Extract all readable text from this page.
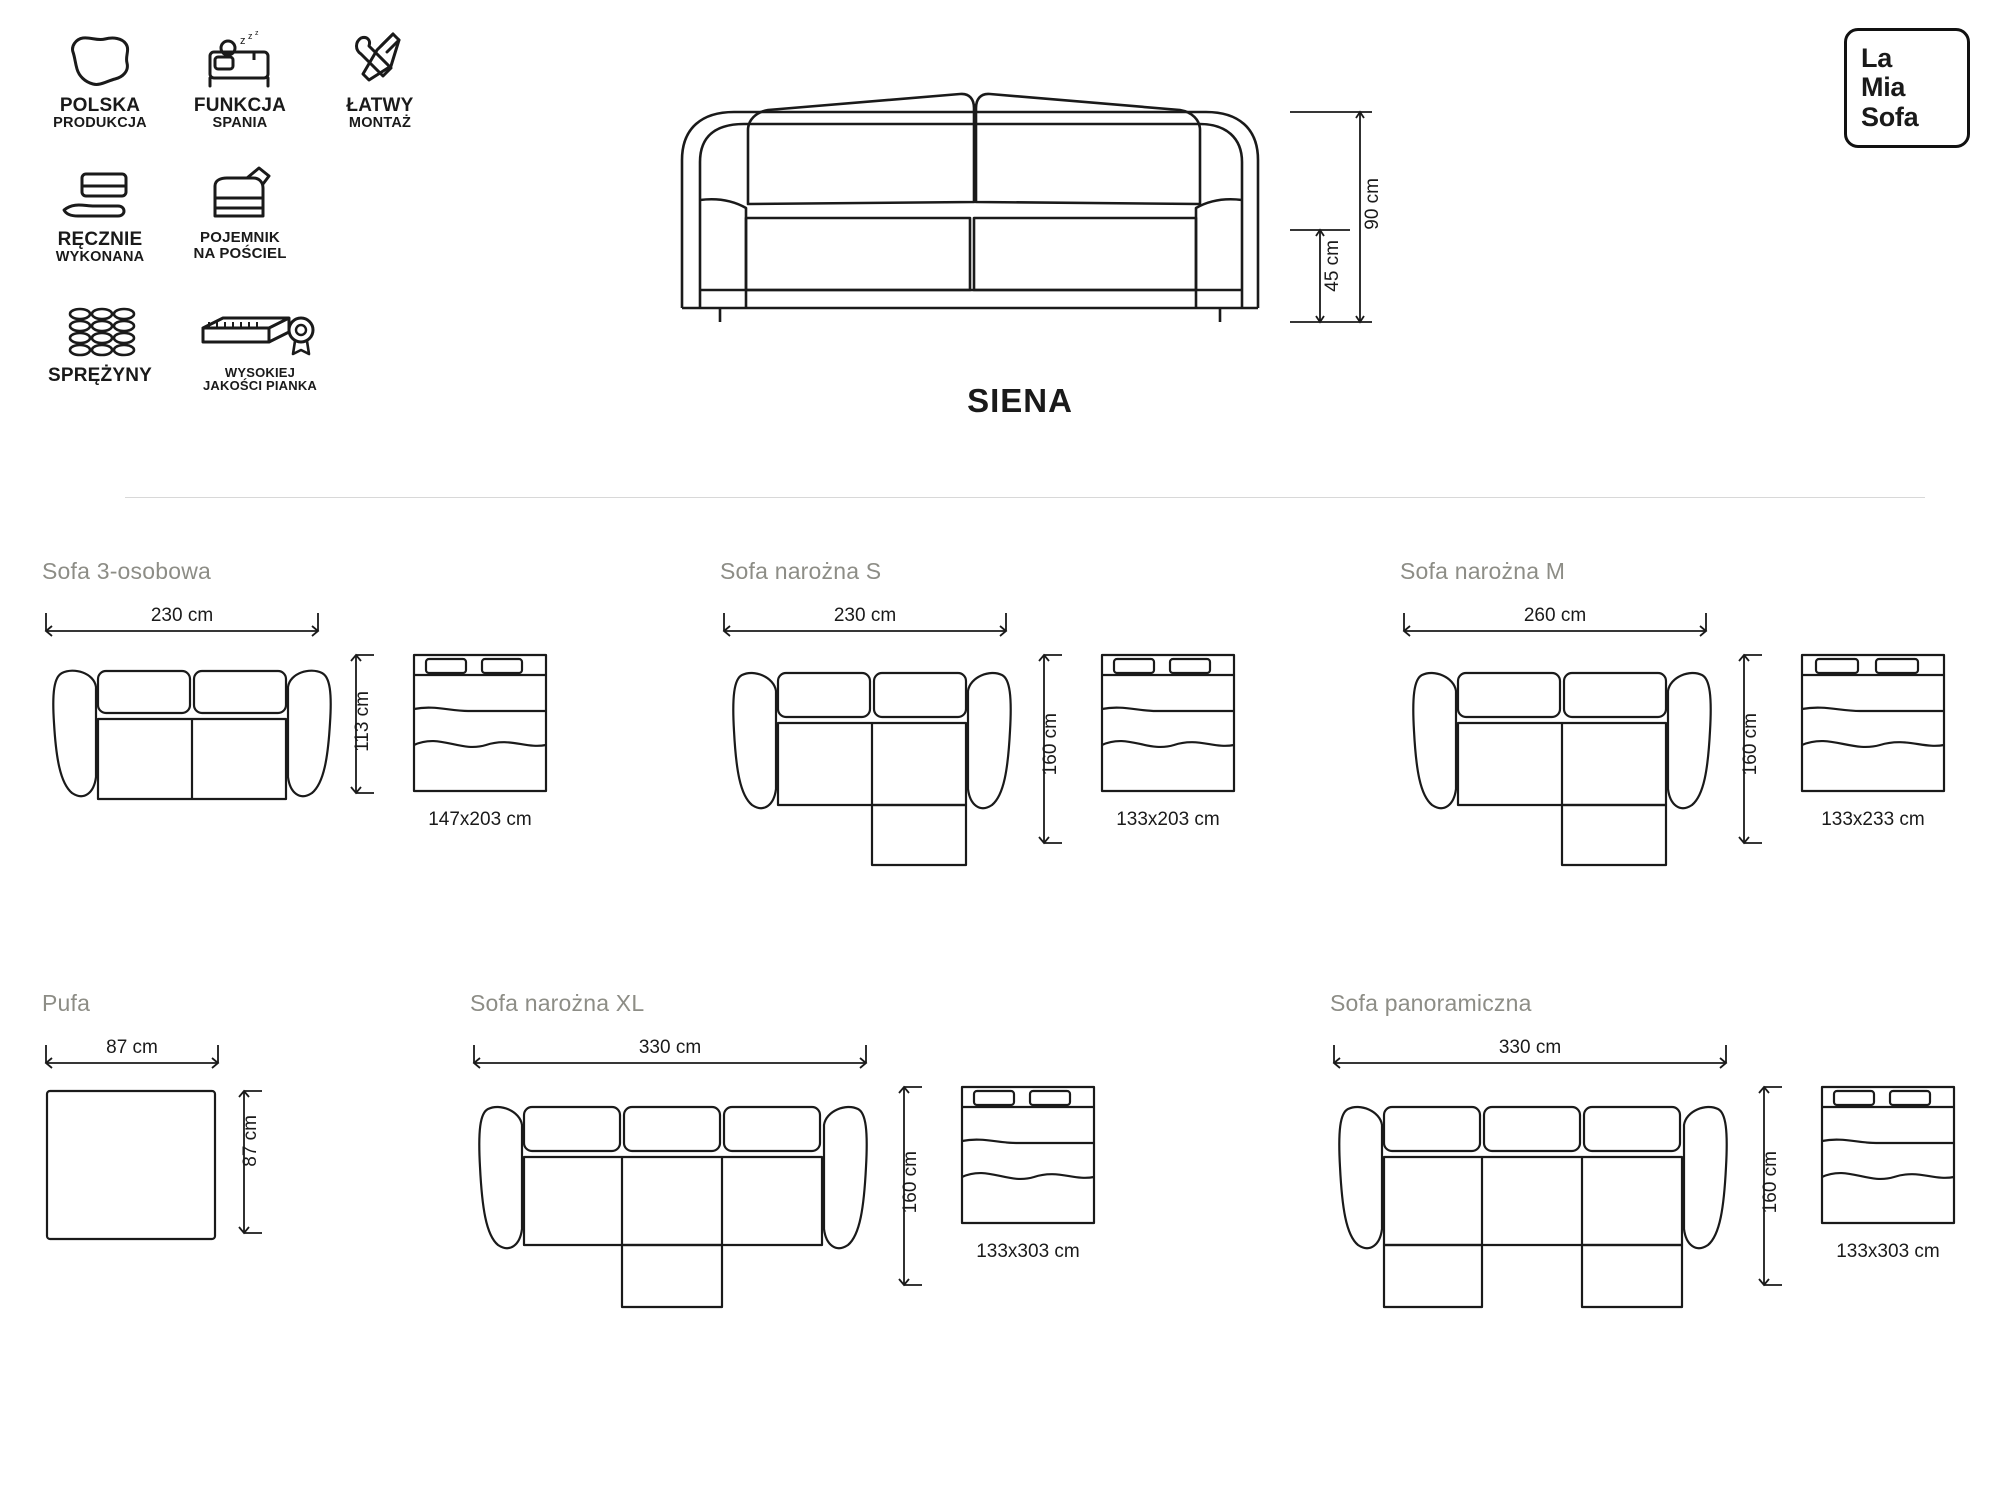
POLSKA
PRODUKCJA
z z z
FUNKCJA
SPANIA
ŁATWY
MONTAŻ
RĘCZNIE
WYKONANA
POJEMNIK
NA POŚCIEL
SPRĘŻYNY	WYSOKIEJ
JAKOŚCI PIANKA
La
Mia
Sofa
90 cm
45 cm
SIENA
Sofa 3-osobowa
230 cm
113 cm
147x203 cm
Sofa narożna S
230 cm
160 cm
133x203 cm
Sofa narożna M
260 cm
160 cm
133x233 cm
Pufa
87 cm
87 cm
Sofa narożna XL
330 cm
160 cm
133x303 cm
Sofa panoramiczna
330 cm
160 cm
133x303 cm
